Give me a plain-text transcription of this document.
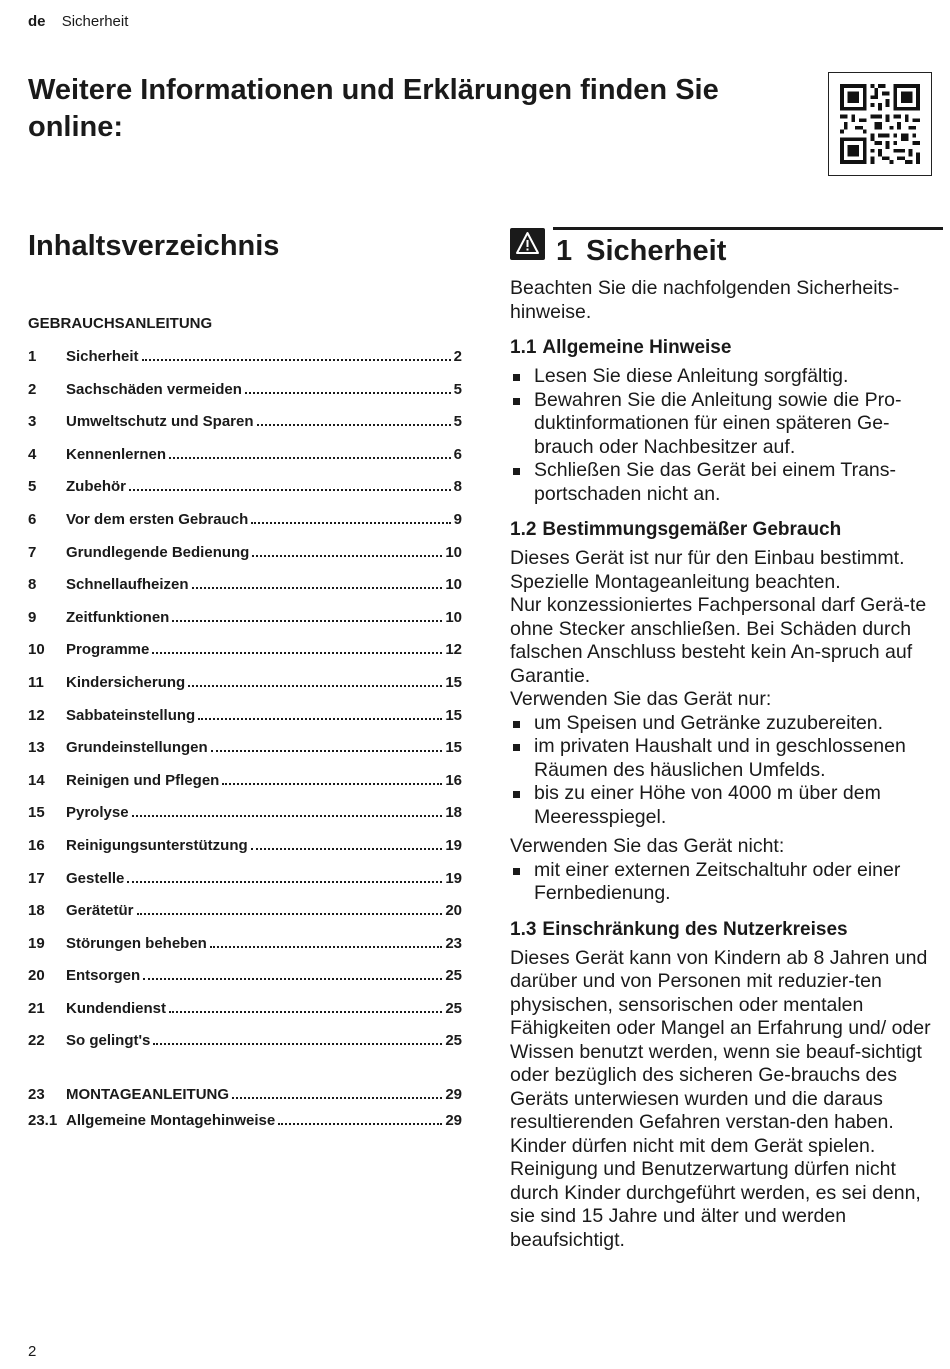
de Sicherheit
Weitere Informationen und Erklärungen finden Sie online:
Inhaltsverzeichnis
GEBRAUCHSANLEITUNG
1	Sicherheit	2
2	Sachschäden vermeiden	5
3	Umweltschutz und Sparen	5
4	Kennenlernen	6
5	Zubehör	8
6	Vor dem ersten Gebrauch	9
7	Grundlegende Bedienung	10
8	Schnellaufheizen	10
9	Zeitfunktionen	10
10	Programme	12
11	Kindersicherung	15
12	Sabbateinstellung	15
13	Grundeinstellungen	15
14	Reinigen und Pflegen	16
15	Pyrolyse	18
16	Reinigungsunterstützung	19
17	Gestelle	19
18	Gerätetür	20
19	Störungen beheben	23
20	Entsorgen	25
21	Kundendienst	25
22	So gelingt's	25
23	MONTAGEANLEITUNG	29
23.1 Allgemeine Montagehinweise	29
1 Sicherheit

Beachten Sie die nachfolgenden Sicherheits-hinweise.

1.1 Allgemeine Hinweise
Lesen Sie diese Anleitung sorgfältig.
Bewahren Sie die Anleitung sowie die Pro-duktinformationen für einen späteren Ge-brauch oder Nachbesitzer auf.
Schließen Sie das Gerät bei einem Trans-portschaden nicht an.
1.2 Bestimmungsgemäßer Gebrauch

Dieses Gerät ist nur für den Einbau bestimmt. Spezielle Montageanleitung beachten.

Nur konzessioniertes Fachpersonal darf Gerä-te ohne Stecker anschließen. Bei Schäden durch falschen Anschluss besteht kein An-spruch auf Garantie.

Verwenden Sie das Gerät nur:

um Speisen und Getränke zuzubereiten.
im privaten Haushalt und in geschlossenen Räumen des häuslichen Umfelds.
bis zu einer Höhe von 4000 m über dem Meeresspiegel.

Verwenden Sie das Gerät nicht:

mit einer externen Zeitschaltuhr oder einer Fernbedienung.
1.3 Einschränkung des Nutzerkreises

Dieses Gerät kann von Kindern ab 8 Jahren und darüber und von Personen mit reduzier-ten physischen, sensorischen oder mentalen Fähigkeiten oder Mangel an Erfahrung und/ oder Wissen benutzt werden, wenn sie beauf-sichtigt oder bezüglich des sicheren Ge-brauchs des Geräts unterwiesen wurden und die daraus resultierenden Gefahren verstan-den haben.

Kinder dürfen nicht mit dem Gerät spielen.

Reinigung und Benutzerwartung dürfen nicht durch Kinder durchgeführt werden, es sei denn, sie sind 15 Jahre und älter und werden beaufsichtigt.

2
